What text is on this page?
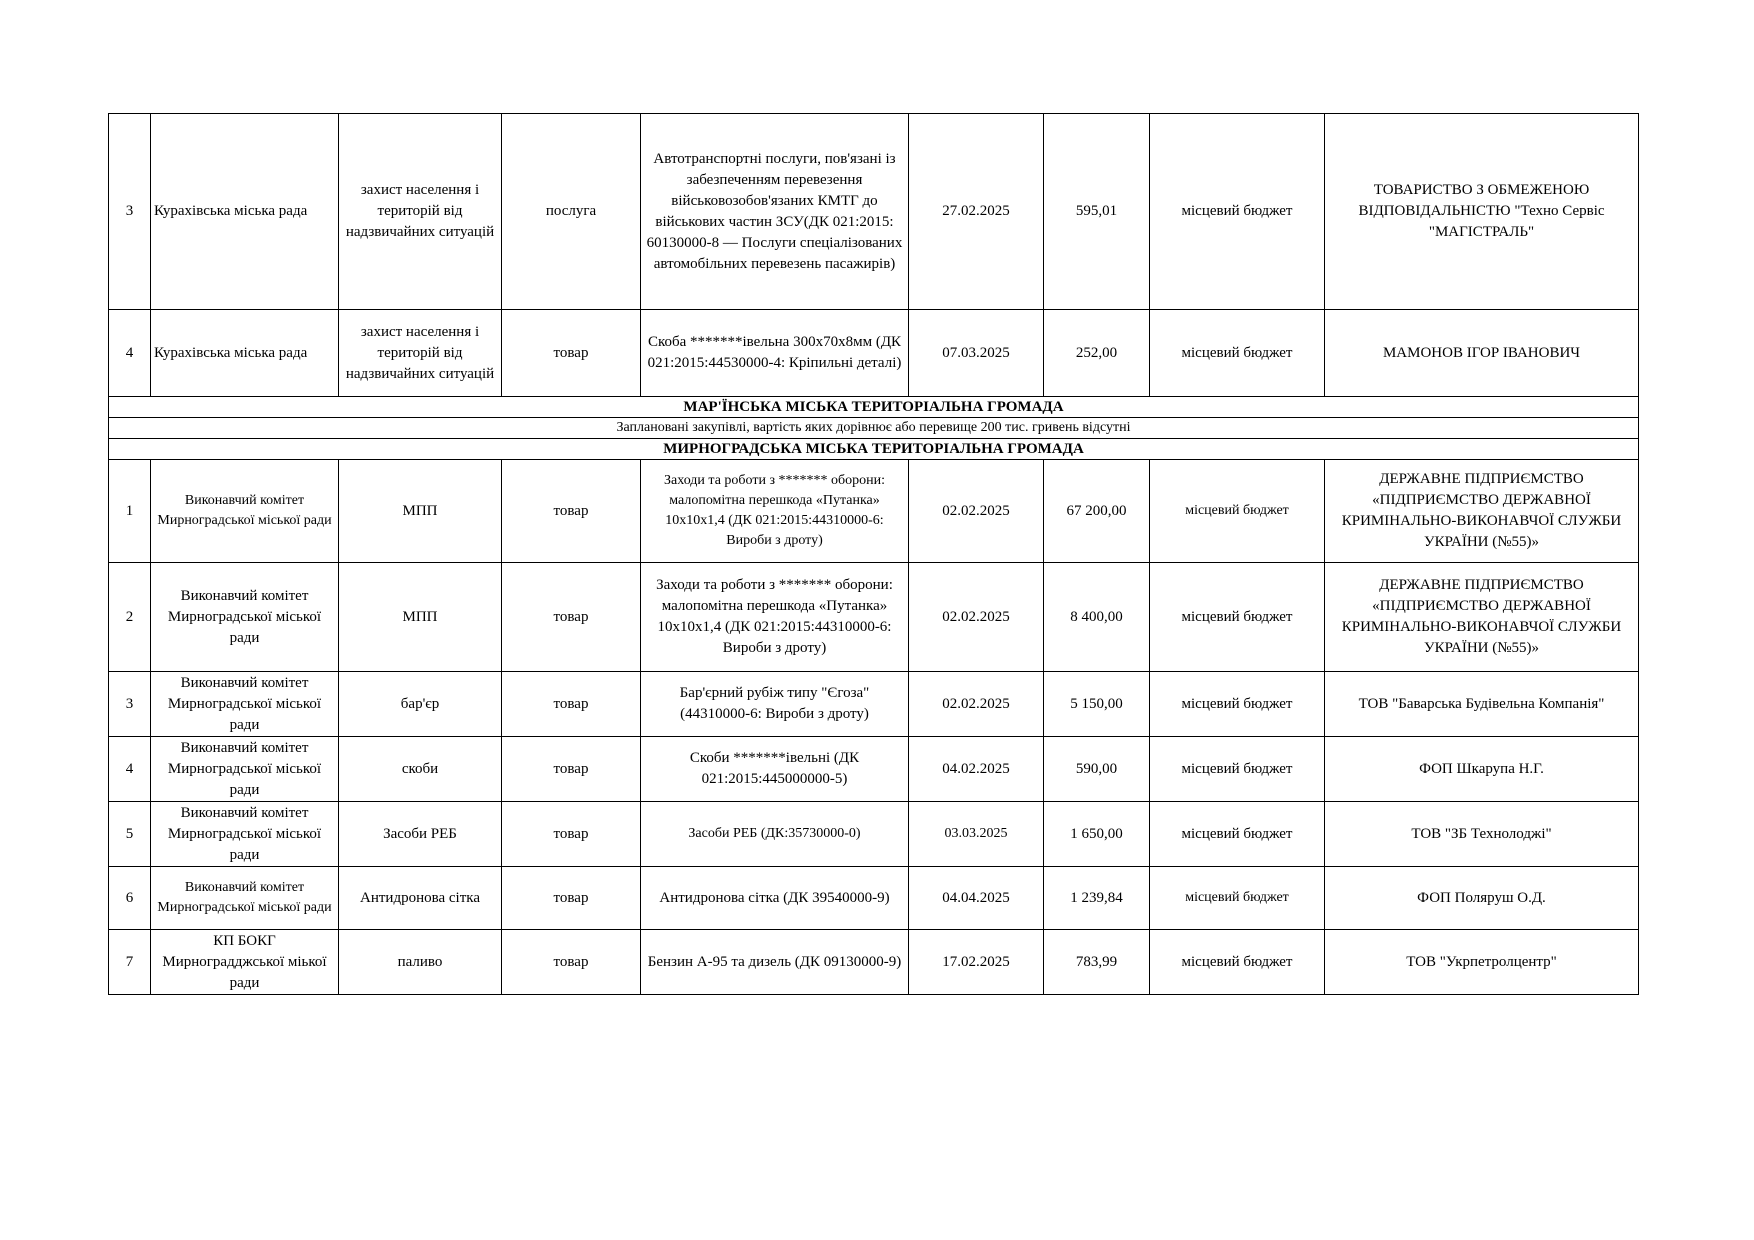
3	Курахівська міська рада	захист населення і територій від надзвичайних ситуацій	послуга	Автотранспортні послуги, пов'язані із забезпеченням перевезення військовозобов'язаних КМТГ до військових частин ЗСУ(ДК 021:2015: 60130000-8 — Послуги спеціалізованих автомобільних перевезень пасажирів)	27.02.2025	595,01	місцевий бюджет	ТОВАРИСТВО З ОБМЕЖЕНОЮ ВІДПОВІДАЛЬНІСТЮ "Техно Сервіс "МАГІСТРАЛЬ"
4	Курахівська міська рада	захист населення і територій від надзвичайних ситуацій	товар	Скоба *******івельна 300х70х8мм (ДК 021:2015:44530000-4: Кріпильні деталі)	07.03.2025	252,00	місцевий бюджет	МАМОНОВ ІГОР ІВАНОВИЧ
МАР'ЇНСЬКА МІСЬКА ТЕРИТОРІАЛЬНА ГРОМАДА								
Заплановані закупівлі, вартість яких дорівнює або перевище 200 тис. гривень відсутні								
МИРНОГРАДСЬКА МІСЬКА ТЕРИТОРІАЛЬНА ГРОМАДА								
1	Виконавчий комітет Мирноградської міської ради	МПП	товар	Заходи та роботи з ******* оборони: малопомітна перешкода «Путанка» 10х10х1,4 (ДК 021:2015:44310000-6: Вироби з дроту)	02.02.2025	67 200,00	місцевий бюджет	ДЕРЖАВНЕ ПІДПРИЄМСТВО «ПІДПРИЄМСТВО ДЕРЖАВНОЇ КРИМІНАЛЬНО-ВИКОНАВЧОЇ СЛУЖБИ УКРАЇНИ (№55)»
2	Виконавчий комітет Мирноградської міської ради	МПП	товар	Заходи та роботи з ******* оборони: малопомітна перешкода «Путанка» 10х10х1,4 (ДК 021:2015:44310000-6: Вироби з дроту)	02.02.2025	8 400,00	місцевий бюджет	ДЕРЖАВНЕ ПІДПРИЄМСТВО «ПІДПРИЄМСТВО ДЕРЖАВНОЇ КРИМІНАЛЬНО-ВИКОНАВЧОЇ СЛУЖБИ УКРАЇНИ (№55)»
3	Виконавчий комітет Мирноградської міської ради	бар'єр	товар	Бар'єрний рубіж типу "Єгоза" (44310000-6: Вироби з дроту)	02.02.2025	5 150,00	місцевий бюджет	ТОВ "Баварська Будівельна Компанія"
4	Виконавчий комітет Мирноградської міської ради	скоби	товар	Скоби *******івельні (ДК 021:2015:445000000-5)	04.02.2025	590,00	місцевий бюджет	ФОП Шкарупа Н.Г.
5	Виконавчий комітет Мирноградської міської ради	Засоби РЕБ	товар	Засоби РЕБ (ДК:35730000-0)	03.03.2025	1 650,00	місцевий бюджет	ТОВ "ЗБ Технолоджі"
6	Виконавчий комітет Мирноградської міської ради	Антидронова сітка	товар	Антидронова сітка (ДК 39540000-9)	04.04.2025	1 239,84	місцевий бюджет	ФОП Поляруш О.Д.
7	КП БОКГ Мирноградджської міької ради	паливо	товар	Бензин А-95 та дизель (ДК 09130000-9)	17.02.2025	783,99	місцевий бюджет	ТОВ "Укрпетролцентр"
